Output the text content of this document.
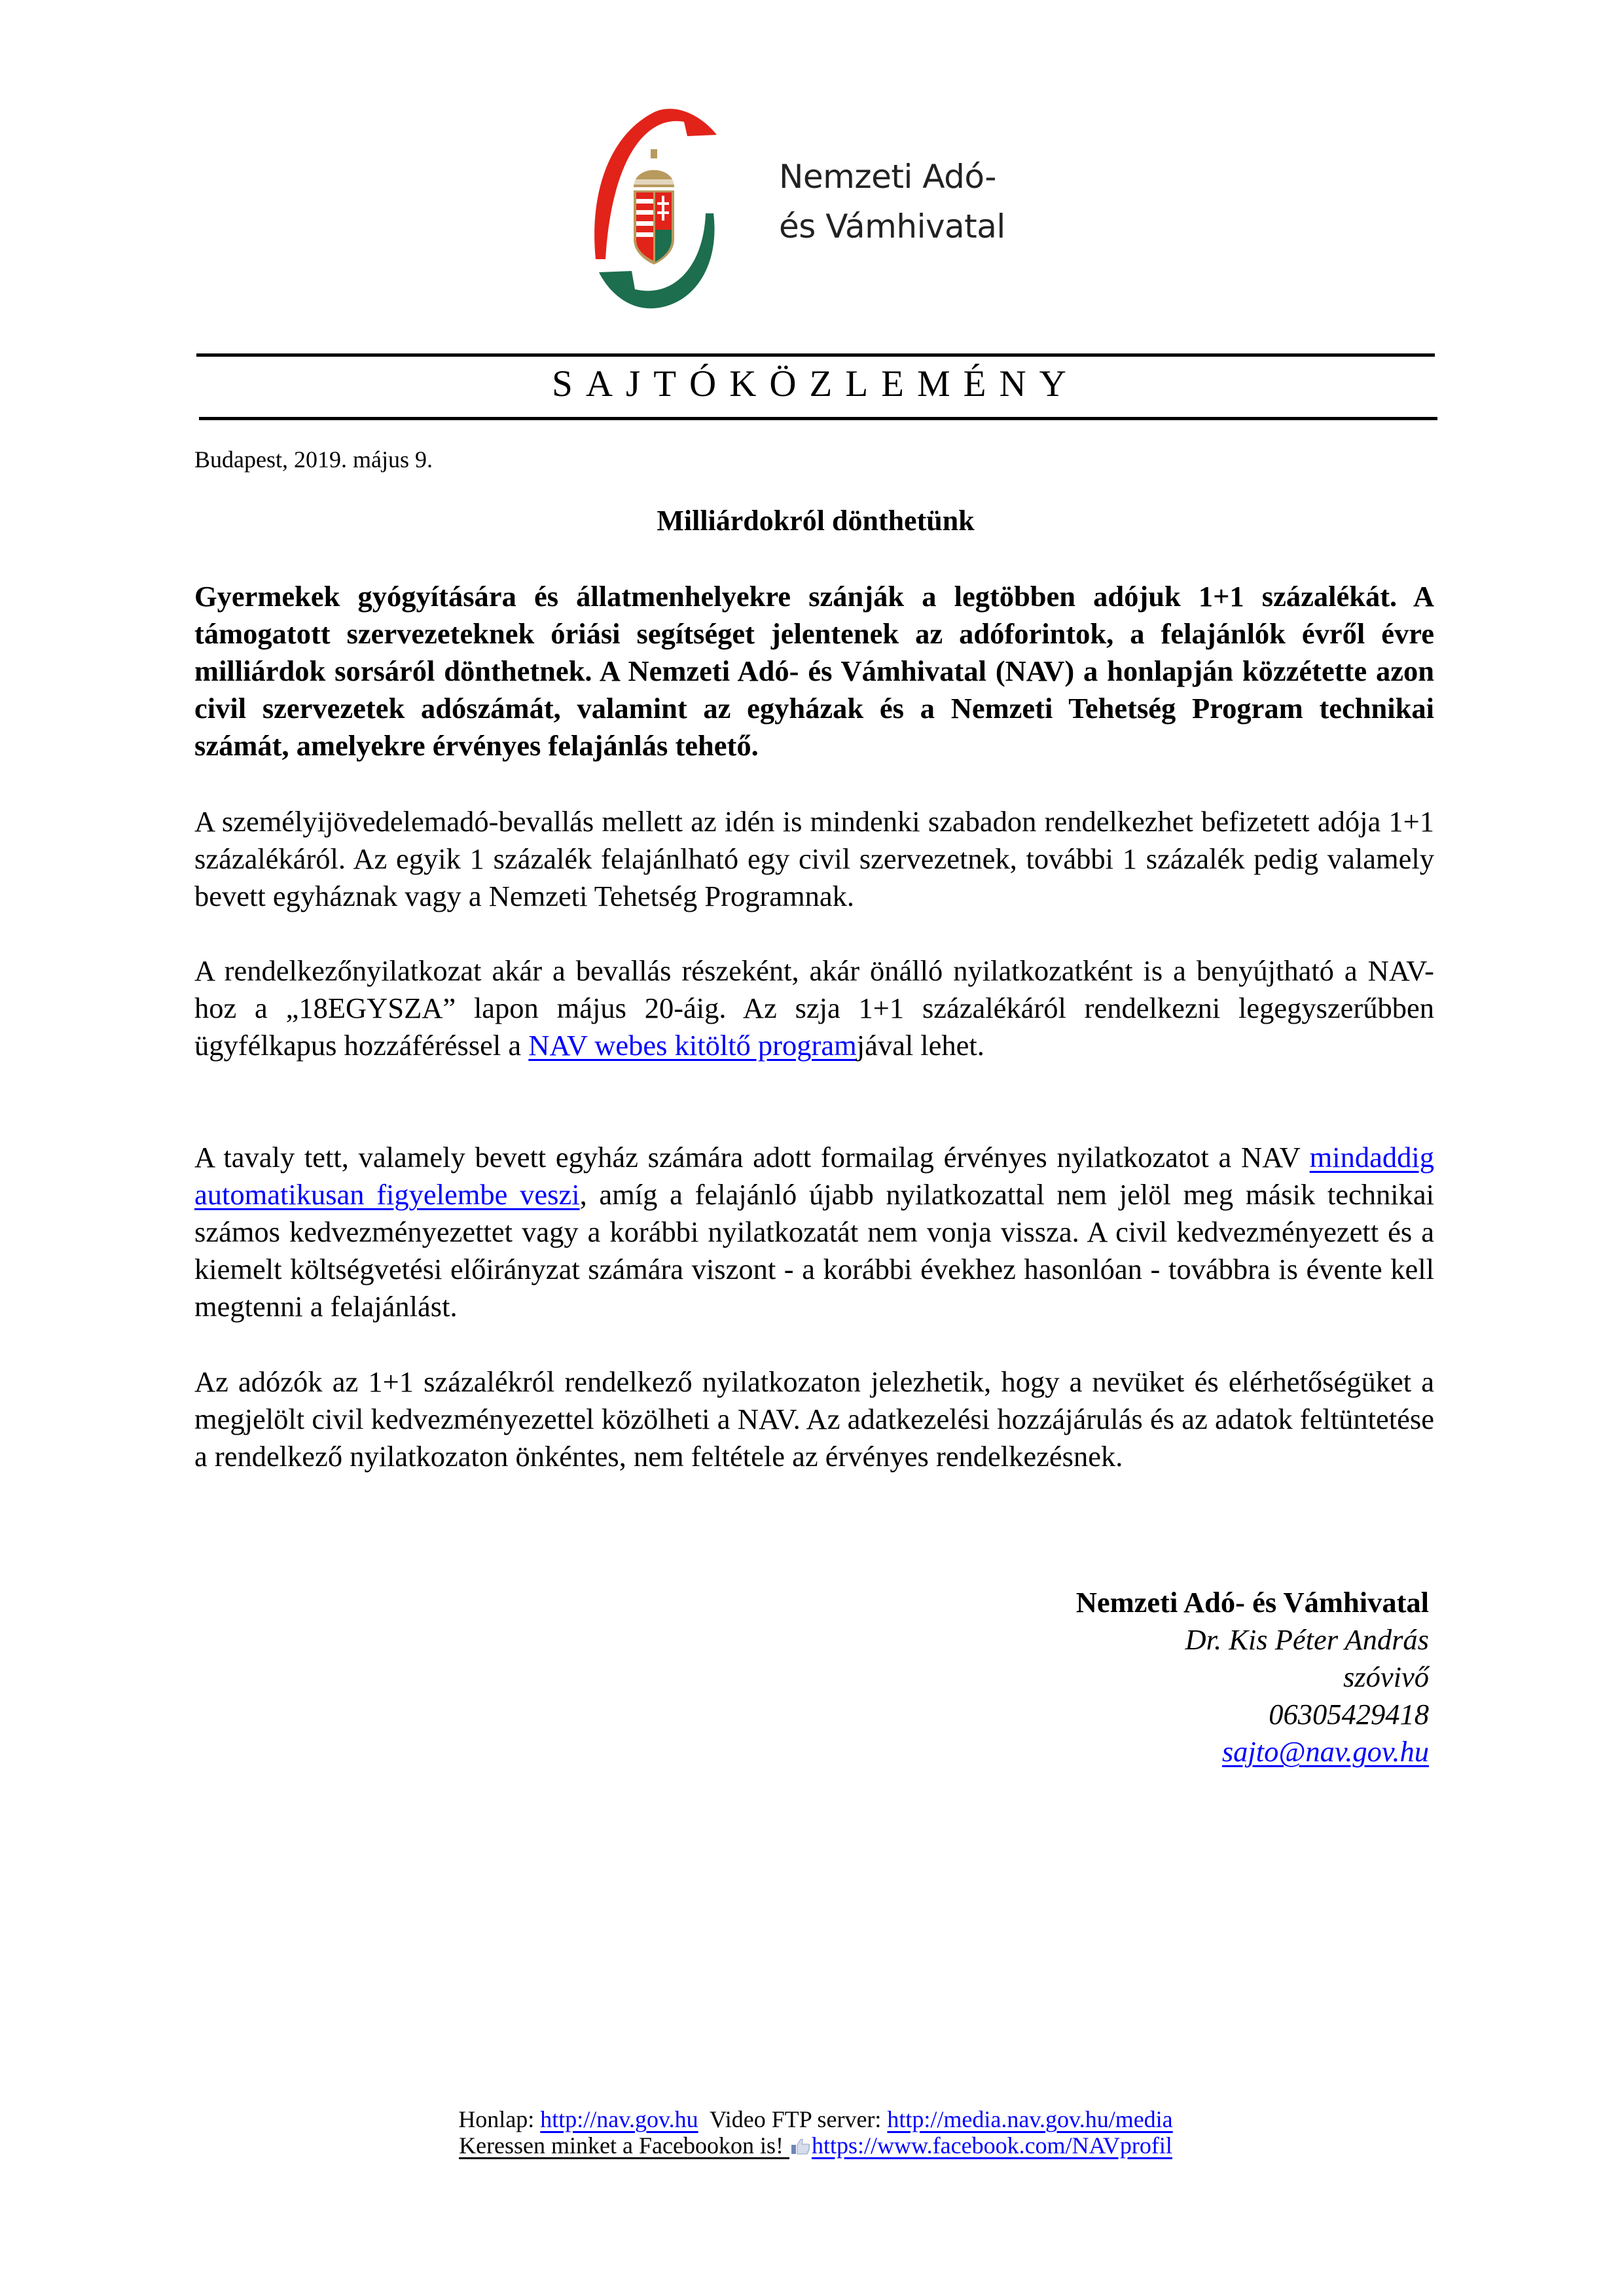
Nemzeti Adó-
és Vámhivatal
SAJTÓKÖZLEMÉNY
Budapest, 2019. május 9.
Milliárdokról dönthetünk

Gyermekek gyógyítására és állatmenhelyekre szánják a legtöbben adójuk 1+1 százalékát. A támogatott szervezeteknek óriási segítséget jelentenek az adóforintok, a felajánlók évről évre milliárdok sorsáról dönthetnek. A Nemzeti Adó- és Vámhivatal (NAV) a honlapján közzétette azon civil szervezetek adószámát, valamint az egyházak és a Nemzeti Tehetség Program technikai számát, amelyekre érvényes felajánlás tehető.

A személyijövedelemadó-bevallás mellett az idén is mindenki szabadon rendelkezhet befizetett adója 1+1 százalékáról. Az egyik 1 százalék felajánlható egy civil szervezetnek, további 1 százalék pedig valamely bevett egyháznak vagy a Nemzeti Tehetség Programnak.

A rendelkezőnyilatkozat akár a bevallás részeként, akár önálló nyilatkozatként is a benyújtható a NAV-hoz a „18EGYSZA” lapon május 20-áig. Az szja 1+1 százalékáról rendelkezni legegyszerűbben ügyfélkapus hozzáféréssel a NAV webes kitöltő programjával lehet.

A tavaly tett, valamely bevett egyház számára adott formailag érvényes nyilatkozatot a NAV mindaddig automatikusan figyelembe veszi, amíg a felajánló újabb nyilatkozattal nem jelöl meg másik technikai számos kedvezményezettet vagy a korábbi nyilatkozatát nem vonja vissza. A civil kedvezményezett és a kiemelt költségvetési előirányzat számára viszont - a korábbi évekhez hasonlóan - továbbra is évente kell megtenni a felajánlást.

Az adózók az 1+1 százalékról rendelkező nyilatkozaton jelezhetik, hogy a nevüket és elérhetőségüket a megjelölt civil kedvezményezettel közölheti a NAV. Az adatkezelési hozzájárulás és az adatok feltüntetése a rendelkező nyilatkozaton önkéntes, nem feltétele az érvényes rendelkezésnek.

Nemzeti Adó- és Vámhivatal
Dr. Kis Péter András
szóvivő
06305429418
sajto@nav.gov.hu
Honlap: http://nav.gov.hu  Video FTP server: http://media.nav.gov.hu/media
Keressen minket a Facebookon is! https://www.facebook.com/NAVprofil
